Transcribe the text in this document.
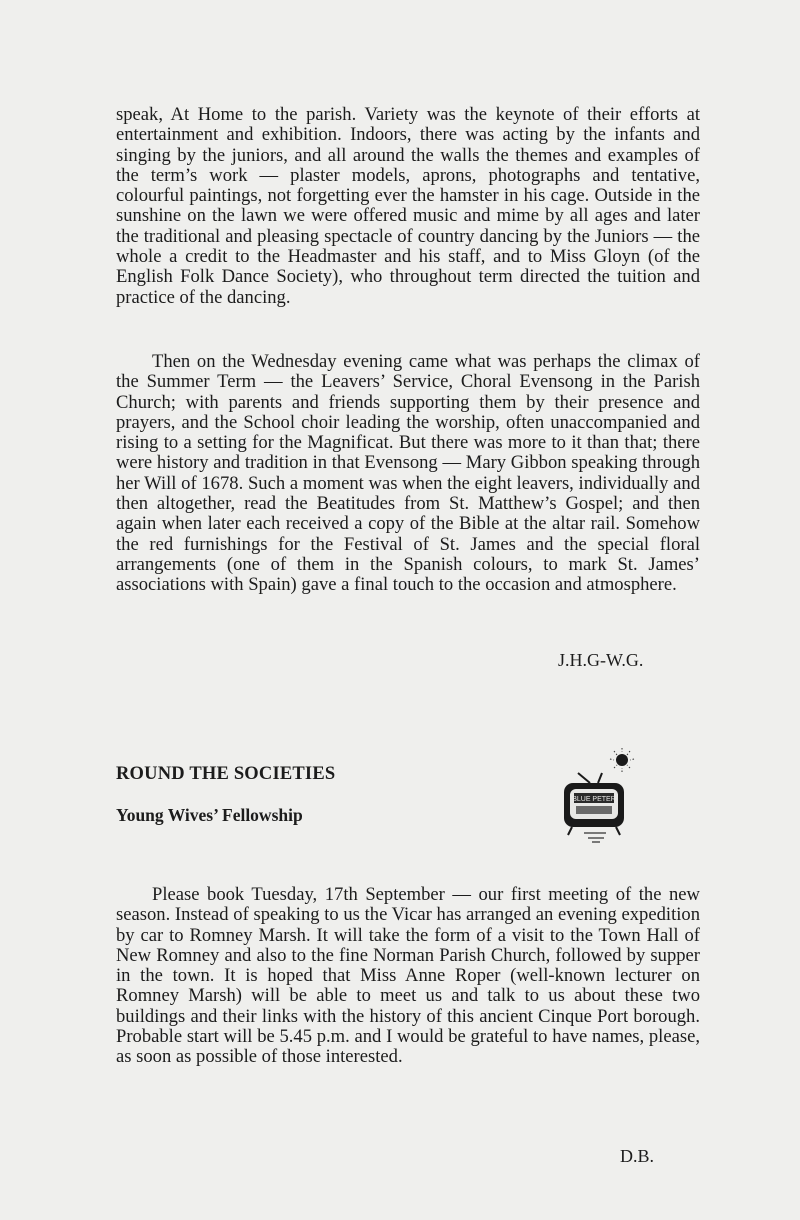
speak, At Home to the parish. Variety was the keynote of their efforts at entertainment and exhibition. Indoors, there was acting by the infants and singing by the juniors, and all around the walls the themes and examples of the term’s work — plaster models, aprons, photographs and tentative, colourful paintings, not forgetting ever the hamster in his cage. Outside in the sunshine on the lawn we were offered music and mime by all ages and later the traditional and pleasing spectacle of country dancing by the Juniors — the whole a credit to the Headmaster and his staff, and to Miss Gloyn (of the English Folk Dance Society), who throughout term directed the tuition and practice of the dancing.

Then on the Wednesday evening came what was perhaps the climax of the Summer Term — the Leavers’ Service, Choral Evensong in the Parish Church; with parents and friends supporting them by their presence and prayers, and the School choir leading the worship, often unaccompanied and rising to a setting for the Magnificat. But there was more to it than that; there were history and tradition in that Evensong — Mary Gibbon speaking through her Will of 1678. Such a moment was when the eight leavers, individually and then altogether, read the Beatitudes from St. Matthew’s Gospel; and then again when later each received a copy of the Bible at the altar rail. Somehow the red furnishings for the Festival of St. James and the special floral arrangements (one of them in the Spanish colours, to mark St. James’ associations with Spain) gave a final touch to the occasion and atmosphere.

J.H.G-W.G.
ROUND THE SOCIETIES
Young Wives’ Fellowship
BLUE PETER

Please book Tuesday, 17th September — our first meeting of the new season. Instead of speaking to us the Vicar has arranged an evening expedition by car to Romney Marsh. It will take the form of a visit to the Town Hall of New Romney and also to the fine Norman Parish Church, followed by supper in the town. It is hoped that Miss Anne Roper (well-known lecturer on Romney Marsh) will be able to meet us and talk to us about these two buildings and their links with the history of this ancient Cinque Port borough. Probable start will be 5.45 p.m. and I would be grateful to have names, please, as soon as possible of those interested.

D.B.
